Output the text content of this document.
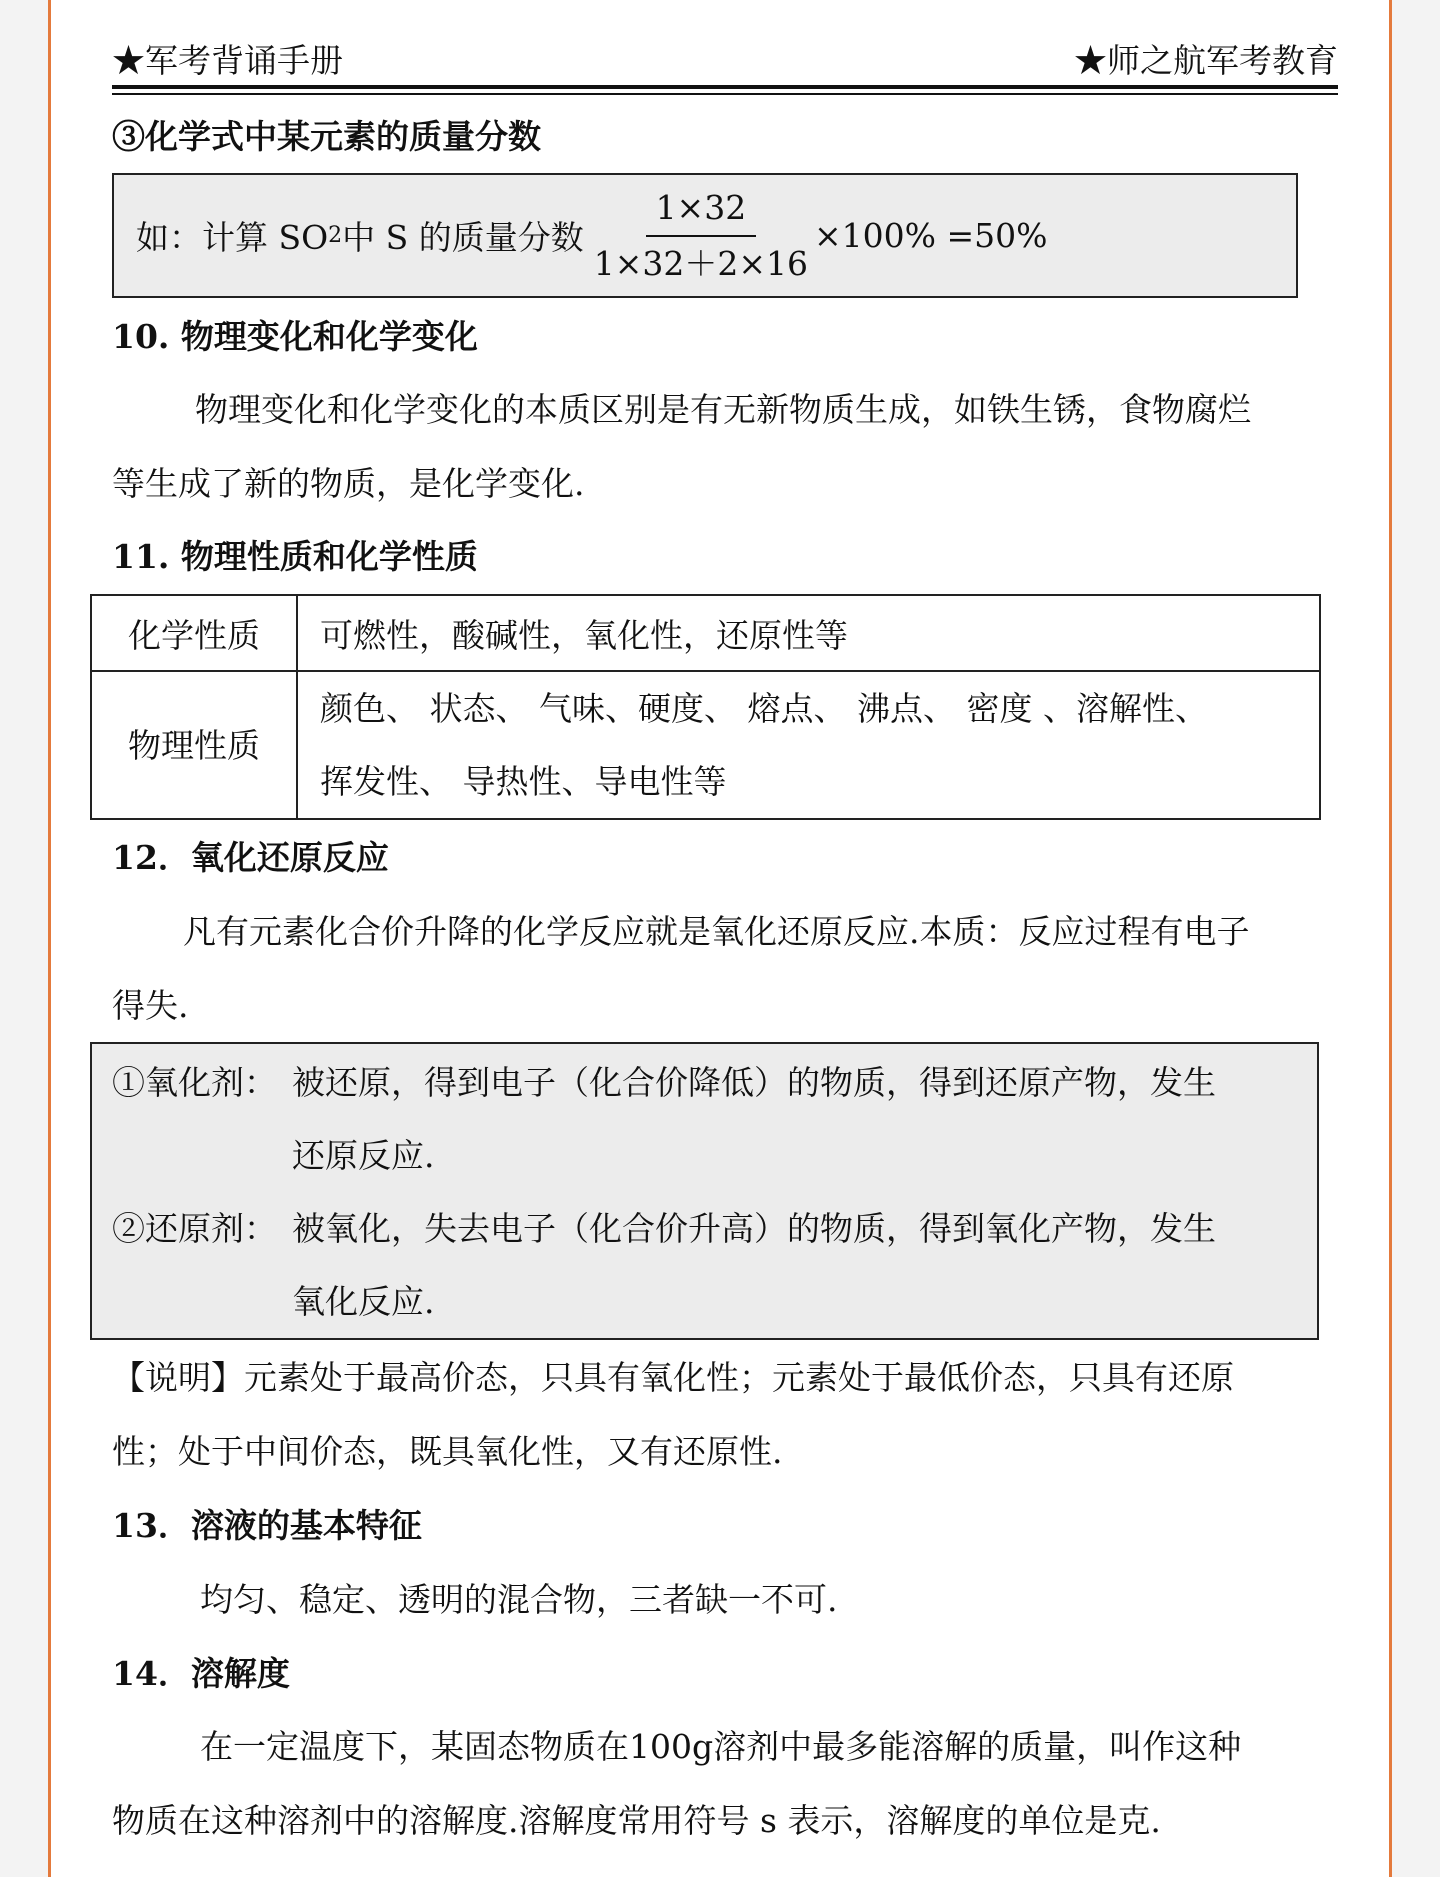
★军考背诵手册	★师之航军考教育
③化学式中某元素的质量分数
如：计算 SO 2 中 S 的质量分数 $\frac{1\times 32}{1\times 32+2\times 16} \times 100\% =50\%$
10. 物理变化和化学变化
物理变化和化学变化的本质区别是有无新物质生成，如铁生锈，食物腐烂
等生成了新的物质，是化学变化.
11. 物理性质和化学性质
化学性质	可燃性，酸碱性，氧化性，还原性等
物理性质	颜色、 状态、 气味、硬度、 熔点、 沸点、 密度 、溶解性、
挥发性、 导热性、导电性等
12．氧化还原反应
凡有元素化合价升降的化学反应就是氧化还原反应.本质：反应过程有电子
得失.
①氧化剂： 被还原，得到电子（化合价降低）的物质，得到还原产物，发生
还原反应.
②还原剂： 被氧化，失去电子（化合价升高）的物质，得到氧化产物，发生
氧化反应.
【说明】元素处于最高价态，只具有氧化性；元素处于最低价态，只具有还原
性；处于中间价态，既具氧化性，又有还原性.
13．溶液的基本特征
均匀、稳定、透明的混合物，三者缺一不可.
14．溶解度
在一定温度下，某固态物质在100g溶剂中最多能溶解的质量，叫作这种
物质在这种溶剂中的溶解度.溶解度常用符号 s 表示，溶解度的单位是克.
